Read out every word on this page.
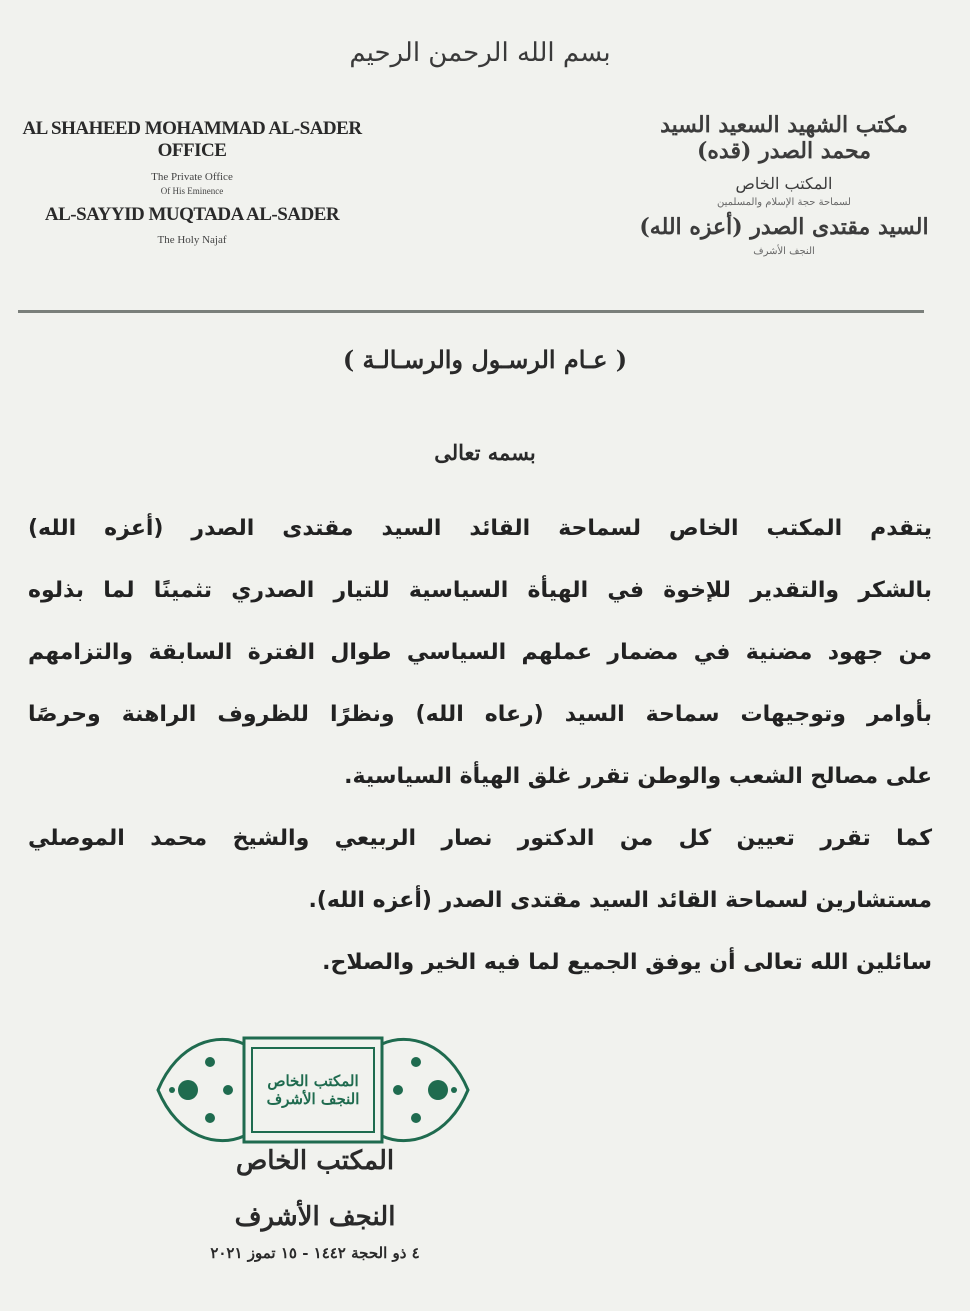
بسم الله الرحمن الرحيم
AL SHAHEED MOHAMMAD AL-SADER OFFICE
The Private Office
Of His Eminence
AL-SAYYID MUQTADA AL-SADER
The Holy Najaf
مكتب الشهيد السعيد السيد محمد الصدر (قده)
المكتب الخاص
لسماحة حجة الإسلام والمسلمين
السيد مقتدى الصدر (أعزه الله)
النجف الأشرف
( عـام الرسـول والرسـالـة )
بسمه تعالى
يتقدم المكتب الخاص لسماحة القائد السيد مقتدى الصدر (أعزه الله)
بالشكر والتقدير للإخوة في الهيأة السياسية للتيار الصدري تثمينًا لما بذلوه
من جهود مضنية في مضمار عملهم السياسي طوال الفترة السابقة والتزامهم
بأوامر وتوجيهات سماحة السيد (رعاه الله) ونظرًا للظروف الراهنة وحرصًا
على مصالح الشعب والوطن تقرر غلق الهيأة السياسية.
كما تقرر تعيين كل من الدكتور نصار الربيعي والشيخ محمد الموصلي
مستشارين لسماحة القائد السيد مقتدى الصدر (أعزه الله).
سائلين الله تعالى أن يوفق الجميع لما فيه الخير والصلاح.
المكتب الخاص
النجف الأشرف
المكتب الخاص
النجف الأشرف
٤ ذو الحجة ١٤٤٢ - ١٥ تموز ٢٠٢١
